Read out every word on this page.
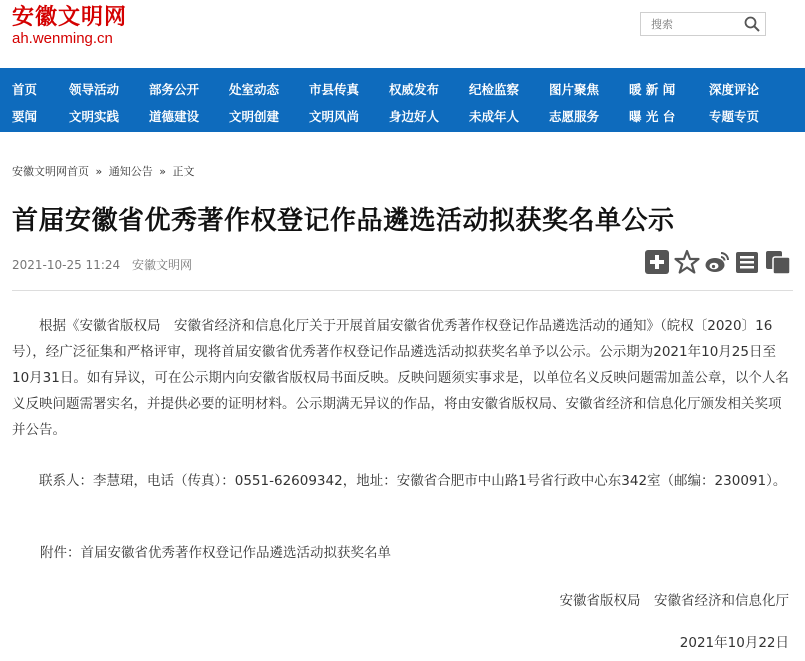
安徽文明网
ah.wenming.cn
搜索
首页	领导活动 部务公开 处室动态 市县传真 权威发布 纪检监察 图片聚焦 暖 新 闻	深度评论
要闻	文明实践 道德建设 文明创建 文明风尚 身边好人 未成年人 志愿服务 曝 光 台	专题专页
安徽文明网首页 » 通知公告 » 正文
首届安徽省优秀著作权登记作品遴选活动拟获奖名单公示
2021-10-25 11:24 安徽文明网

根据《安徽省版权局　安徽省经济和信息化厅关于开展首届安徽省优秀著作权登记作品遴选活动的通知》（皖权〔2020〕16号），经广泛征集和严格评审，现将首届安徽省优秀著作权登记作品遴选活动拟获奖名单予以公示。公示期为2021年10月25日至10月31日。如有异议，可在公示期内向安徽省版权局书面反映。反映问题须实事求是，以单位名义反映问题需加盖公章，以个人名义反映问题需署实名，并提供必要的证明材料。公示期满无异议的作品，将由安徽省版权局、安徽省经济和信息化厅颁发相关奖项并公告。

联系人：李慧珺，电话（传真）：0551-62609342，地址：安徽省合肥市中山路1号省行政中心东342室（邮编：230091）。

附件：首届安徽省优秀著作权登记作品遴选活动拟获奖名单
安徽省版权局　安徽省经济和信息化厅
2021年10月22日
